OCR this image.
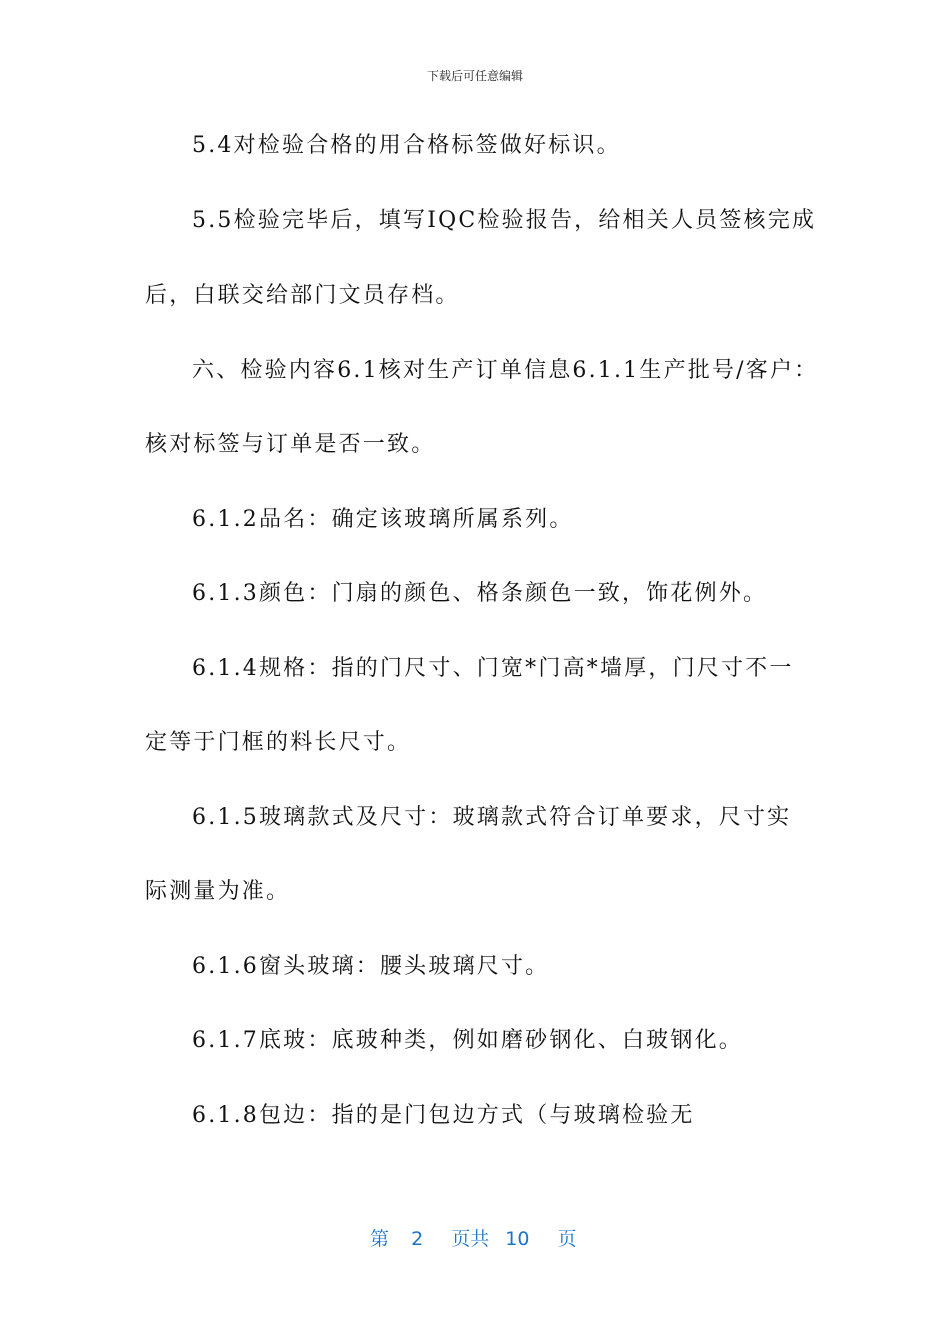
下载后可任意编辑
5.4对检验合格的用合格标签做好标识。
5.5检验完毕后，填写IQC检验报告，给相关人员签核完成
后，白联交给部门文员存档。
六、检验内容6.1核对生产订单信息6.1.1生产批号/客户：
核对标签与订单是否一致。
6.1.2品名：确定该玻璃所属系列。
6.1.3颜色：门扇的颜色、格条颜色一致，饰花例外。
6.1.4规格：指的门尺寸、门宽*门高*墙厚，门尺寸不一
定等于门框的料长尺寸。
6.1.5玻璃款式及尺寸：玻璃款式符合订单要求，尺寸实
际测量为准。
6.1.6窗头玻璃：腰头玻璃尺寸。
6.1.7底玻：底玻种类，例如磨砂钢化、白玻钢化。
6.1.8包边：指的是门包边方式（与玻璃检验无
第 2 页共 10 页
